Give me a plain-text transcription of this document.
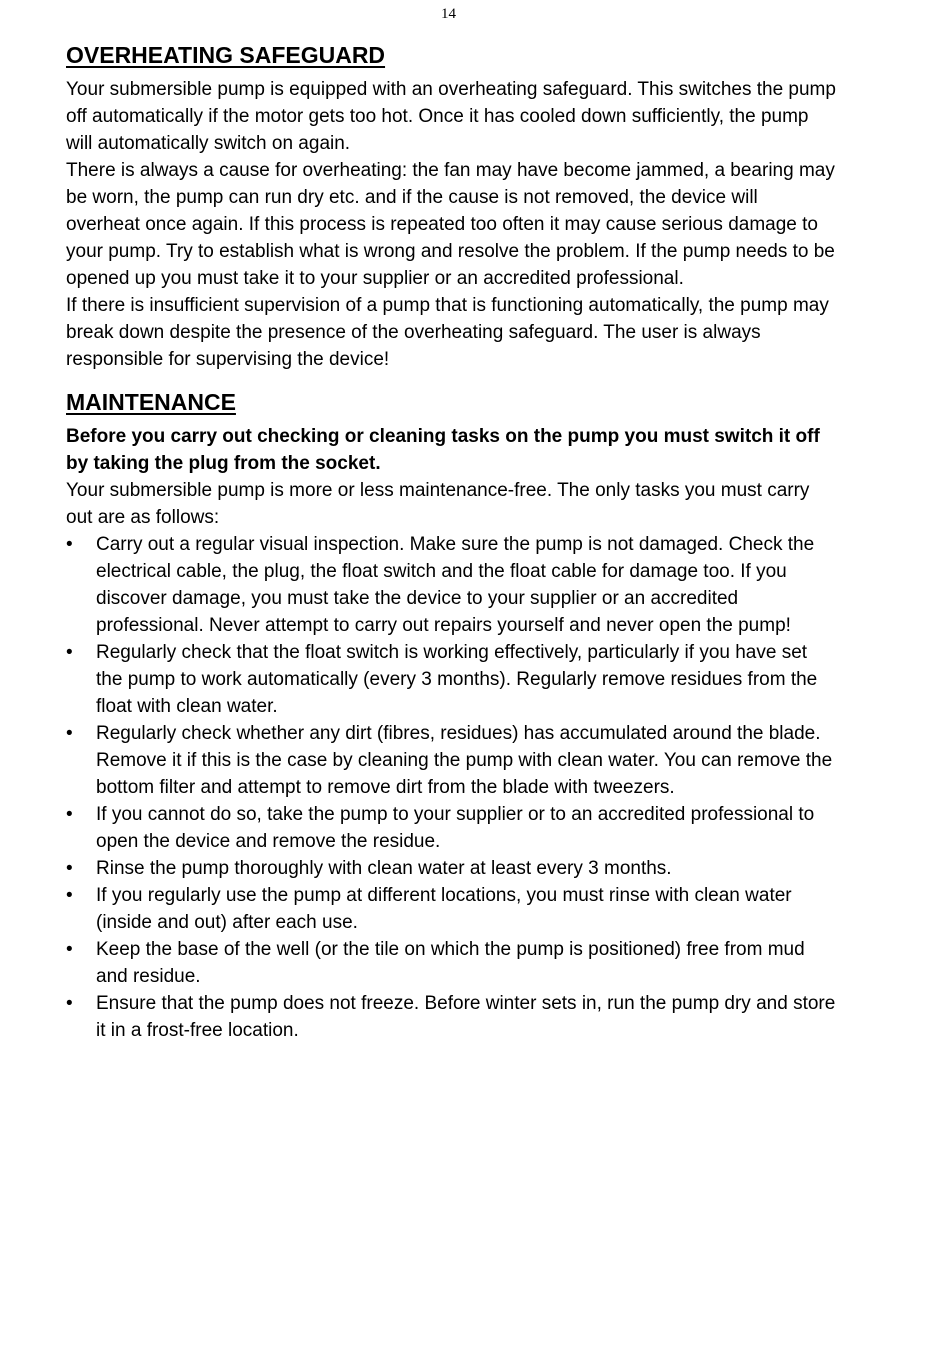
14
OVERHEATING SAFEGUARD

Your submersible pump is equipped with an overheating safeguard. This switches the pump off automatically if the motor gets too hot. Once it has cooled down sufficiently, the pump will automatically switch on again.

There is always a cause for overheating: the fan may have become jammed, a bearing may be worn, the pump can run dry etc. and if the cause is not removed, the device will overheat once again. If this process is repeated too often it may cause serious damage to your pump. Try to establish what is wrong and resolve the problem. If the pump needs to be opened up you must take it to your supplier or an accredited professional.

If there is insufficient supervision of a pump that is functioning automatically, the pump may break down despite the presence of the overheating safeguard. The user is always responsible for supervising the device!

MAINTENANCE

Before you carry out checking or cleaning tasks on the pump you must switch it off by taking the plug from the socket.

Your submersible pump is more or less maintenance-free. The only tasks you must carry out are as follows:

•	Carry out a regular visual inspection. Make sure the pump is not damaged. Check the electrical cable, the plug, the float switch and the float cable for damage too. If you discover damage, you must take the device to your supplier or an accredited professional. Never attempt to carry out repairs yourself and never open the pump!
•	Regularly check that the float switch is working effectively, particularly if you have set the pump to work automatically (every 3 months). Regularly remove residues from the float with clean water.
•	Regularly check whether any dirt (fibres, residues) has accumulated around the blade. Remove it if this is the case by cleaning the pump with clean water. You can remove the bottom filter and attempt to remove dirt from the blade with tweezers.
•	If you cannot do so, take the pump to your supplier or to an accredited professional to open the device and remove the residue.
•	Rinse the pump thoroughly with clean water at least every 3 months.
•	If you regularly use the pump at different locations, you must rinse with clean water (inside and out) after each use.
•	Keep the base of the well (or the tile on which the pump is positioned) free from mud and residue.
•	Ensure that the pump does not freeze. Before winter sets in, run the pump dry and store it in a frost-free location.
